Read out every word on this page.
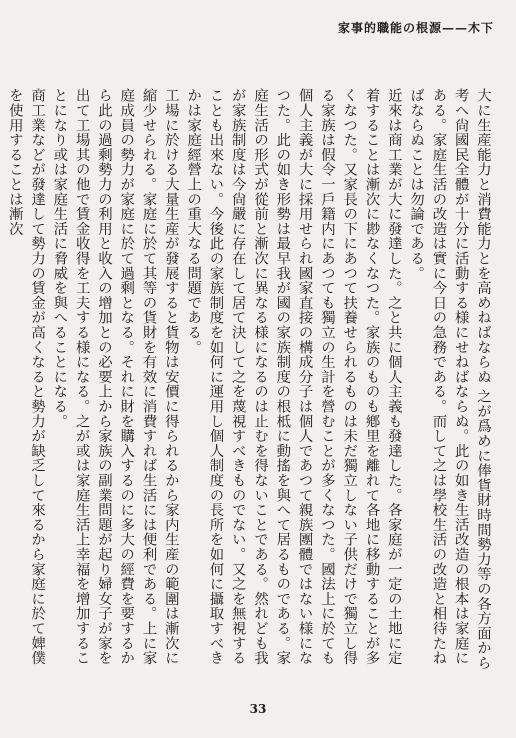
家事的職能の根源——木下

大に生産能力と消費能力とを高めねばならぬ 之が爲めに俸貨財時間勢力等の各方面から考へ尙國民全體が十分に活動する様にせねばならぬ。此の如き生活改造の根本は家庭にある。家庭生活の改造は實に今日の急務である。而して之は學校生活の改造と相待たねばならぬことは勿論である。

近來は商工業が大に發達した。之と共に個人主義も發達した。各家庭が一定の土地に定着することは漸次に尠なくなつた。家族のものも鄕里を離れて各地に移動することが多くなつた。又家長の下にあつて扶養せられるものは未だ獨立しない子供だけで獨立し得る家族は假令一戶籍内にあつても獨立の生計を營むことが多くなつた。國法上に於ても個人主義が大に採用せられ國家直接の構成分子は個人であつて親族團體ではない様になつた。此の如き形勢は最早我が國の家族制度の根柢に動搖を與へて居るものである。家庭生活の形式が從前と漸次に異なる様になるのは止むを得ないことである。然れども我が家族制度は今尙嚴に存在して居て決して之を蔑視すべきものでない。又之を無視することも出來ない。今後此の家族制度を如何に運用し個人制度の長所を如何に攝取すべきかは家庭經營上の重大なる問題である。

工場に於ける大量生産が發展すると貨物は安價に得られるから家内生産の範圍は漸次に縮少せられる。家庭に於て其等の貨財を有效に消費すれば生活には便利である。上に家庭成員の勢力が家庭に於て過剩となる。それに財を購入するのに多大の經費を要するから此の過剩勢力の利用と收入の增加との必要上から家族の副業問題が起り婦女子が家を出て工場其の他で賃金收得を工夫する様になる。之が或は家庭生活上幸福を增加することになり或は家庭生活に脅威を與へることになる。

商工業などが發達して勢力の賃金が高くなると勢力が缺乏して來るから家庭に於て婢僕を使用することは漸次

33
